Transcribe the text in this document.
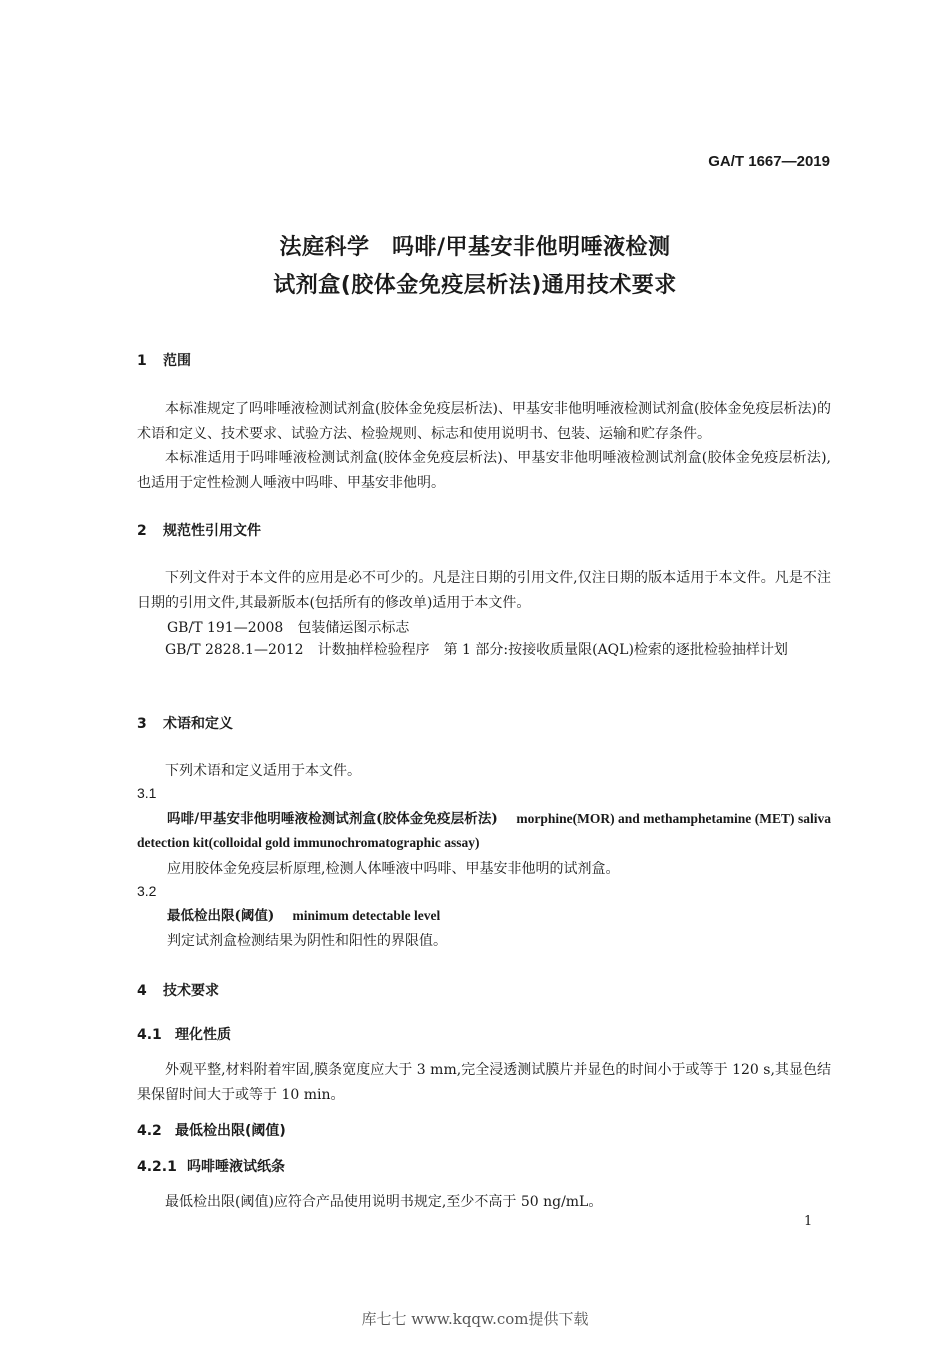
GA/T 1667—2019
法庭科学　吗啡/甲基安非他明唾液检测
试剂盒(胶体金免疫层析法)通用技术要求
1 范围
本标准规定了吗啡唾液检测试剂盒(胶体金免疫层析法)、甲基安非他明唾液检测试剂盒(胶体金免疫层析法)的术语和定义、技术要求、试验方法、检验规则、标志和使用说明书、包装、运输和贮存条件。
本标准适用于吗啡唾液检测试剂盒(胶体金免疫层析法)、甲基安非他明唾液检测试剂盒(胶体金免疫层析法),也适用于定性检测人唾液中吗啡、甲基安非他明。
2 规范性引用文件
下列文件对于本文件的应用是必不可少的。凡是注日期的引用文件,仅注日期的版本适用于本文件。凡是不注日期的引用文件,其最新版本(包括所有的修改单)适用于本文件。
GB/T 191—2008 包装储运图示标志
GB/T 2828.1—2012　计数抽样检验程序　第 1 部分:按接收质量限(AQL)检索的逐批检验抽样计划
3 术语和定义
下列术语和定义适用于本文件。
3.1
吗啡/甲基安非他明唾液检测试剂盒(胶体金免疫层析法)　 morphine(MOR) and methamphetamine (MET) saliva detection kit(colloidal gold immunochromatographic assay)
应用胶体金免疫层析原理,检测人体唾液中吗啡、甲基安非他明的试剂盒。
3.2
最低检出限(阈值)　 minimum detectable level
判定试剂盒检测结果为阴性和阳性的界限值。
4 技术要求
4.1 理化性质
外观平整,材料附着牢固,膜条宽度应大于 3 mm,完全浸透测试膜片并显色的时间小于或等于 120 s,其显色结果保留时间大于或等于 10 min。
4.2 最低检出限(阈值)
4.2.1 吗啡唾液试纸条
最低检出限(阈值)应符合产品使用说明书规定,至少不高于 50 ng/mL。
1
库七七 www.kqqw.com提供下载
